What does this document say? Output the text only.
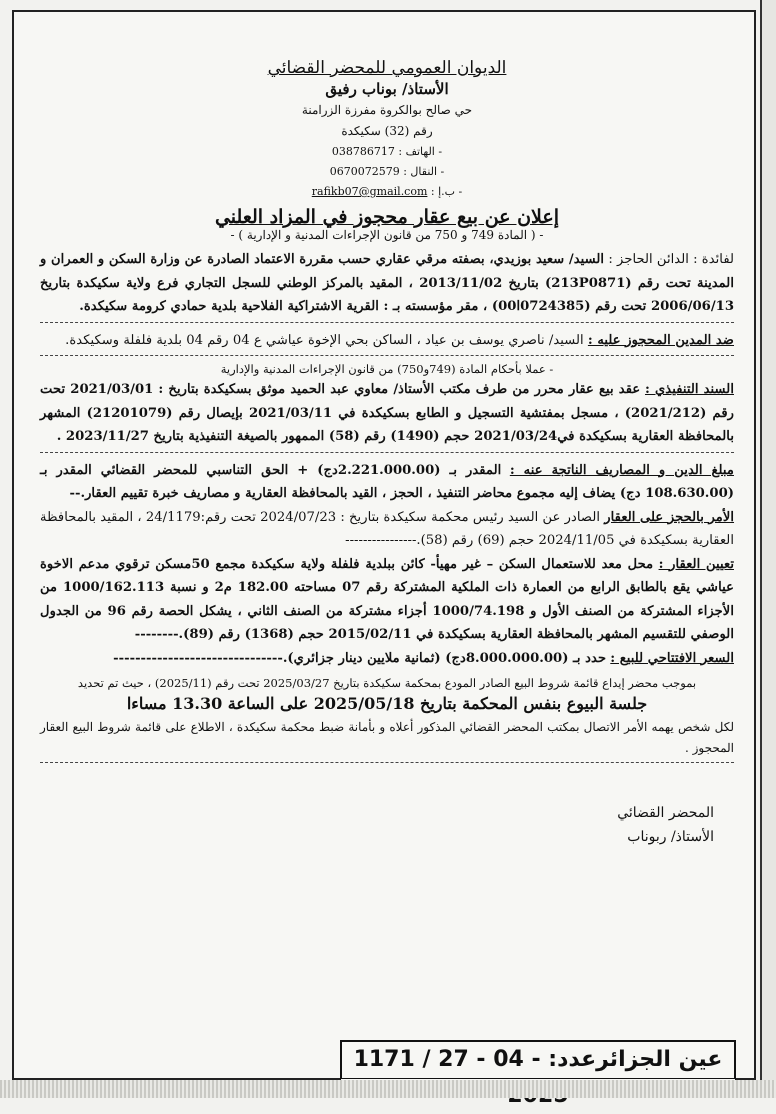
الديوان العمومي للمحضر القضائي
الأستاذ/ بوناب رفيق
حي صالح بوالكروة مفرزة الزرامنة
رقم (32) سكيكدة
- الهاتف : 038786717
- النقال : 0670072579
- ب.إ : rafikb07@gmail.com
إعلان عن بيع عقار محجوز في المزاد العلني
- ( المادة 749 و 750 من قانون الإجراءات المدنية و الإدارية ) -
لفائدة : الدائن الحاجز : السيد/ سعيد بوزيدي، بصفته مرقي عقاري حسب مقررة الاعتماد الصادرة عن وزارة السكن و العمران و المدينة تحت رقم (213P0871) بتاريخ 2013/11/02 ، المقيد بالمركز الوطني للسجل التجاري فرع ولاية سكيكدة بتاريخ 2006/06/13 تحت رقم (0724385ا00) ، مقر مؤسسته بـ : القرية الاشتراكية الفلاحية بلدية حمادي كرومة سكيكدة.
ضد المدين المحجوز عليه : السيد/ ناصري يوسف بن عياد ، الساكن بحي الإخوة عياشي ع 04 رقم 04 بلدية فلفلة وسكيكدة.
- عملا بأحكام المادة (749و750) من قانون الإجراءات المدنية والإدارية
السند التنفيذي : عقد بيع عقار محرر من طرف مكتب الأستاذ/ معاوي عبد الحميد موثق بسكيكدة بتاريخ : 2021/03/01 تحت رقم (2021/212) ، مسجل بمفتشية التسجيل و الطابع بسكيكدة في 2021/03/11 بإيصال رقم (21201079) المشهر بالمحافظة العقارية بسكيكدة في2021/03/24 حجم (1490) رقم (58) الممهور بالصيغة التنفيذية بتاريخ 2023/11/27 .
مبلغ الدين و المصاريف الناتجة عنه : المقدر بـ (2.221.000.00دج) + الحق التناسبي للمحضر القضائي المقدر بـ (108.630.00 دج) يضاف إليه مجموع محاضر التنفيذ ، الحجز ، القيد بالمحافظة العقارية و مصاريف خبرة تقييم العقار.--
الأمر بالحجز على العقار الصادر عن السيد رئيس محكمة سكيكدة بتاريخ : 2024/07/23 تحت رقم:24/1179 ، المقيد بالمحافظة العقارية بسكيكدة في 2024/11/05 حجم (69) رقم (58).----------------
تعيين العقار : محل معد للاستعمال السكن – غير مهيأ- كائن ببلدية فلفلة ولاية سكيكدة مجمع 50مسكن ترقوي مدعم الاخوة عياشي يقع بالطابق الرابع من العمارة ذات الملكية المشتركة رقم 07 مساحته 182.00 م2 و نسبة 1000/162.113 من الأجزاء المشتركة من الصنف الأول و 1000/74.198 أجزاء مشتركة من الصنف الثاني ، يشكل الحصة رقم 96 من الجدول الوصفي للتقسيم المشهر بالمحافظة العقارية بسكيكدة في 2015/02/11 حجم (1368) رقم (89).--------
السعر الافتتاحي للبيع : حدد بـ (8.000.000.00دج) (ثمانية ملايين دينار جزائري).-------------------------------
بموجب محضر إيداع قائمة شروط البيع الصادر المودع بمحكمة سكيكدة بتاريخ 2025/03/27 تحت رقم (2025/11) ، حيث تم تحديد
جلسة البيوع بنفس المحكمة بتاريخ 2025/05/18 على الساعة 13.30 مساءا
لكل شخص يهمه الأمر الاتصال بمكتب المحضر القضائي المذكور أعلاه و بأمانة ضبط محكمة سكيكدة ، الاطلاع على قائمة شروط البيع العقار المحجوز .
المحضر القضائي
الأستاذ/ ربوناب
عين الجزائرعدد: 1171 / 27 - 04 -
